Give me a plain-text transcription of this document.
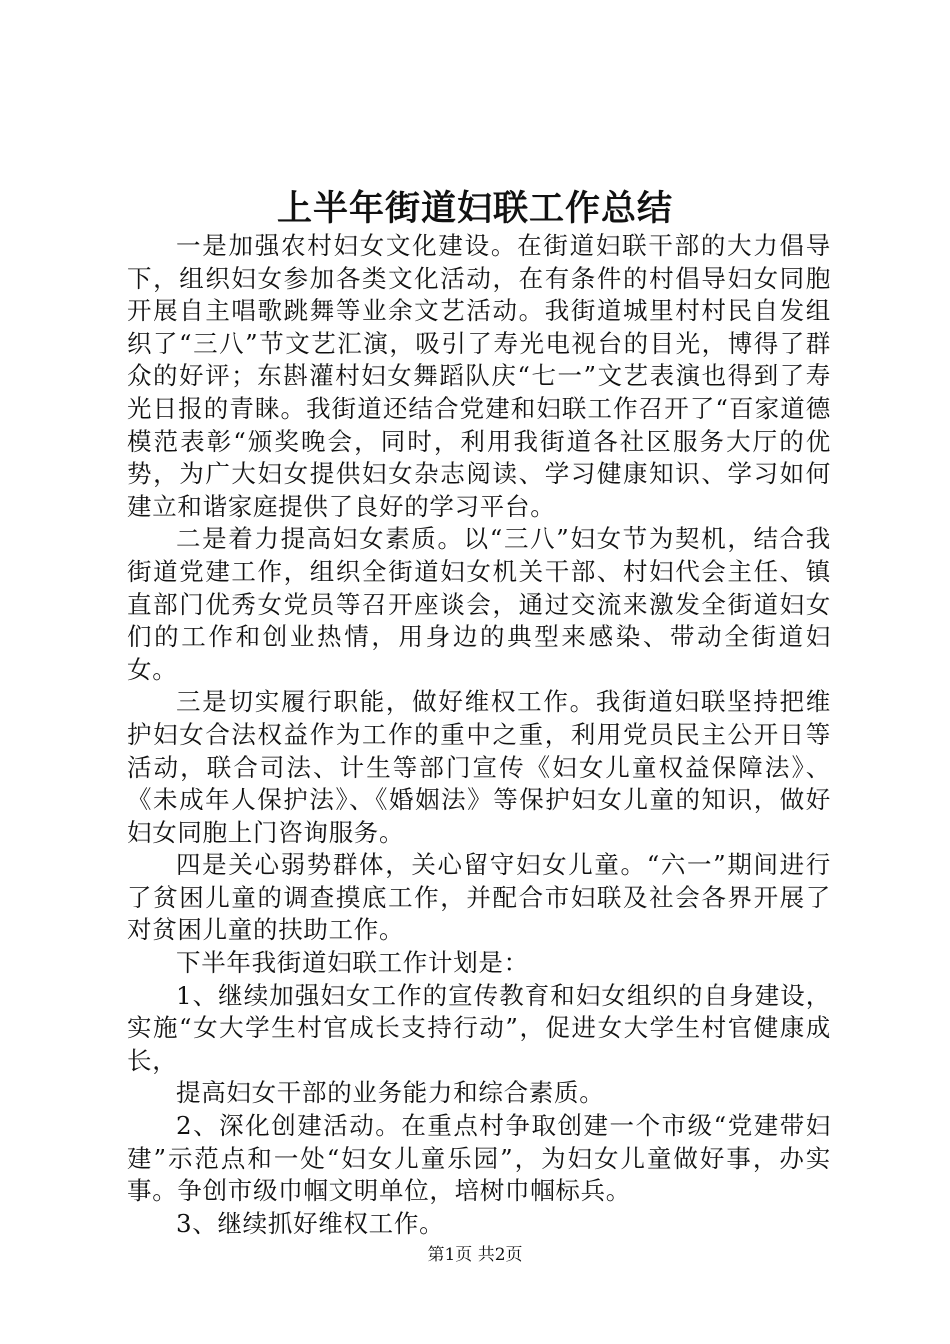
上半年街道妇联工作总结

一是加强农村妇女文化建设。在街道妇联干部的大力倡导下，组织妇女参加各类文化活动，在有条件的村倡导妇女同胞开展自主唱歌跳舞等业余文艺活动。我街道城里村村民自发组织了“三八”节文艺汇演，吸引了寿光电视台的目光，博得了群众的好评；东斟灌村妇女舞蹈队庆“七一”文艺表演也得到了寿光日报的青睐。我街道还结合党建和妇联工作召开了“百家道德模范表彰“颁奖晚会，同时，利用我街道各社区服务大厅的优势，为广大妇女提供妇女杂志阅读、学习健康知识、学习如何建立和谐家庭提供了良好的学习平台。

二是着力提高妇女素质。以“三八”妇女节为契机，结合我街道党建工作，组织全街道妇女机关干部、村妇代会主任、镇直部门优秀女党员等召开座谈会，通过交流来激发全街道妇女们的工作和创业热情，用身边的典型来感染、带动全街道妇女。

三是切实履行职能，做好维权工作。我街道妇联坚持把维护妇女合法权益作为工作的重中之重，利用党员民主公开日等活动，联合司法、计生等部门宣传《妇女儿童权益保障法》、《未成年人保护法》、《婚姻法》等保护妇女儿童的知识，做好妇女同胞上门咨询服务。

四是关心弱势群体，关心留守妇女儿童。“六一”期间进行了贫困儿童的调查摸底工作，并配合市妇联及社会各界开展了对贫困儿童的扶助工作。

下半年我街道妇联工作计划是：

1、继续加强妇女工作的宣传教育和妇女组织的自身建设，实施“女大学生村官成长支持行动”，促进女大学生村官健康成长，

提高妇女干部的业务能力和综合素质。

2、深化创建活动。在重点村争取创建一个市级“党建带妇建”示范点和一处“妇女儿童乐园”，为妇女儿童做好事，办实事。争创市级巾帼文明单位，培树巾帼标兵。

3、继续抓好维权工作。

第1页 共2页
